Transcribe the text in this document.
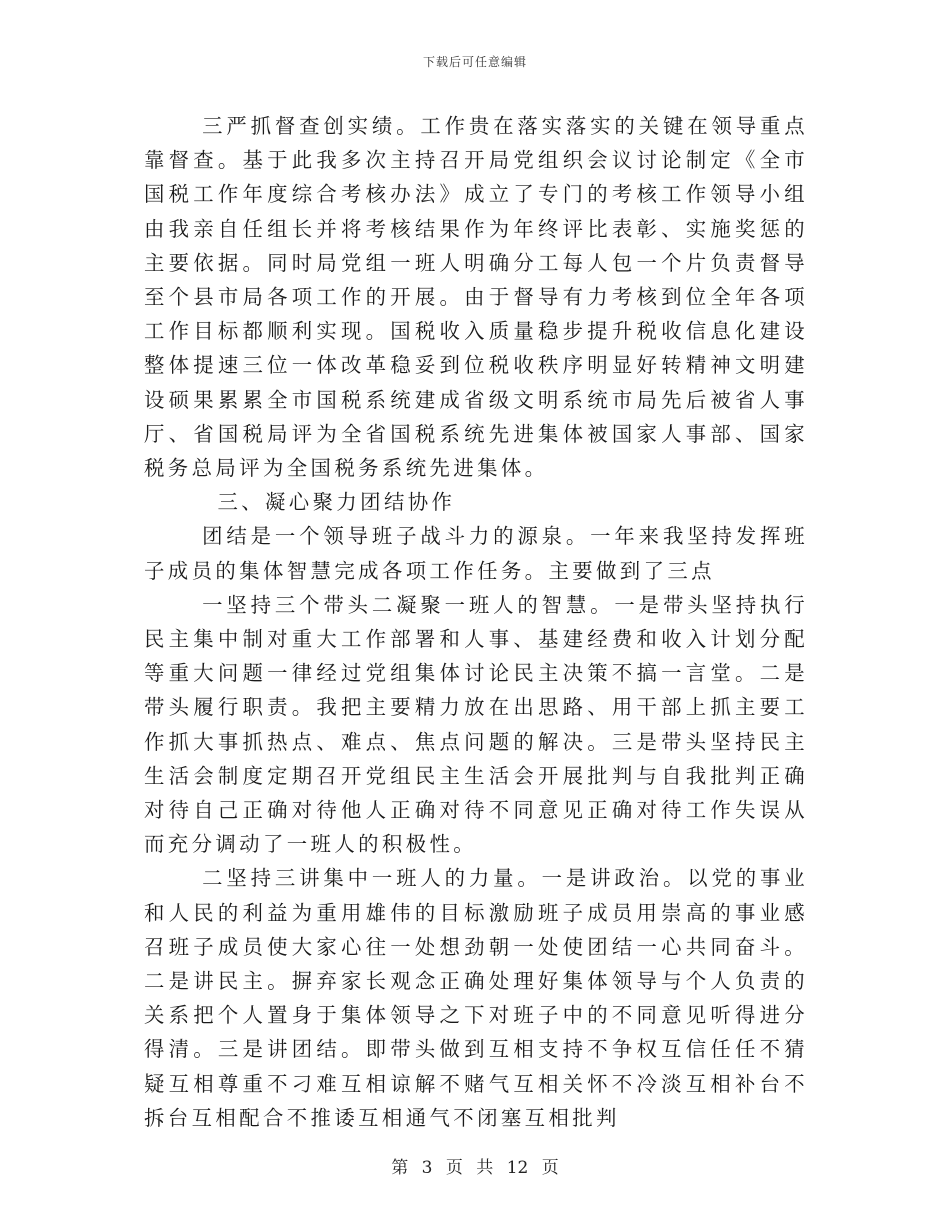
下载后可任意编辑

三严抓督查创实绩。工作贵在落实落实的关键在领导重点靠督查。基于此我多次主持召开局党组织会议讨论制定《全市国税工作年度综合考核办法》成立了专门的考核工作领导小组由我亲自任组长并将考核结果作为年终评比表彰、实施奖惩的主要依据。同时局党组一班人明确分工每人包一个片负责督导至个县市局各项工作的开展。由于督导有力考核到位全年各项工作目标都顺利实现。国税收入质量稳步提升税收信息化建设整体提速三位一体改革稳妥到位税收秩序明显好转精神文明建设硕果累累全市国税系统建成省级文明系统市局先后被省人事厅、省国税局评为全省国税系统先进集体被国家人事部、国家税务总局评为全国税务系统先进集体。

三、凝心聚力团结协作

团结是一个领导班子战斗力的源泉。一年来我坚持发挥班子成员的集体智慧完成各项工作任务。主要做到了三点

一坚持三个带头二凝聚一班人的智慧。一是带头坚持执行民主集中制对重大工作部署和人事、基建经费和收入计划分配等重大问题一律经过党组集体讨论民主决策不搞一言堂。二是带头履行职责。我把主要精力放在出思路、用干部上抓主要工作抓大事抓热点、难点、焦点问题的解决。三是带头坚持民主生活会制度定期召开党组民主生活会开展批判与自我批判正确对待自己正确对待他人正确对待不同意见正确对待工作失误从而充分调动了一班人的积极性。

二坚持三讲集中一班人的力量。一是讲政治。以党的事业和人民的利益为重用雄伟的目标激励班子成员用崇高的事业感召班子成员使大家心往一处想劲朝一处使团结一心共同奋斗。二是讲民主。摒弃家长观念正确处理好集体领导与个人负责的关系把个人置身于集体领导之下对班子中的不同意见听得进分得清。三是讲团结。即带头做到互相支持不争权互信任任不猜疑互相尊重不刁难互相谅解不赌气互相关怀不冷淡互相补台不拆台互相配合不推诿互相通气不闭塞互相批判

第 3 页 共 12 页
